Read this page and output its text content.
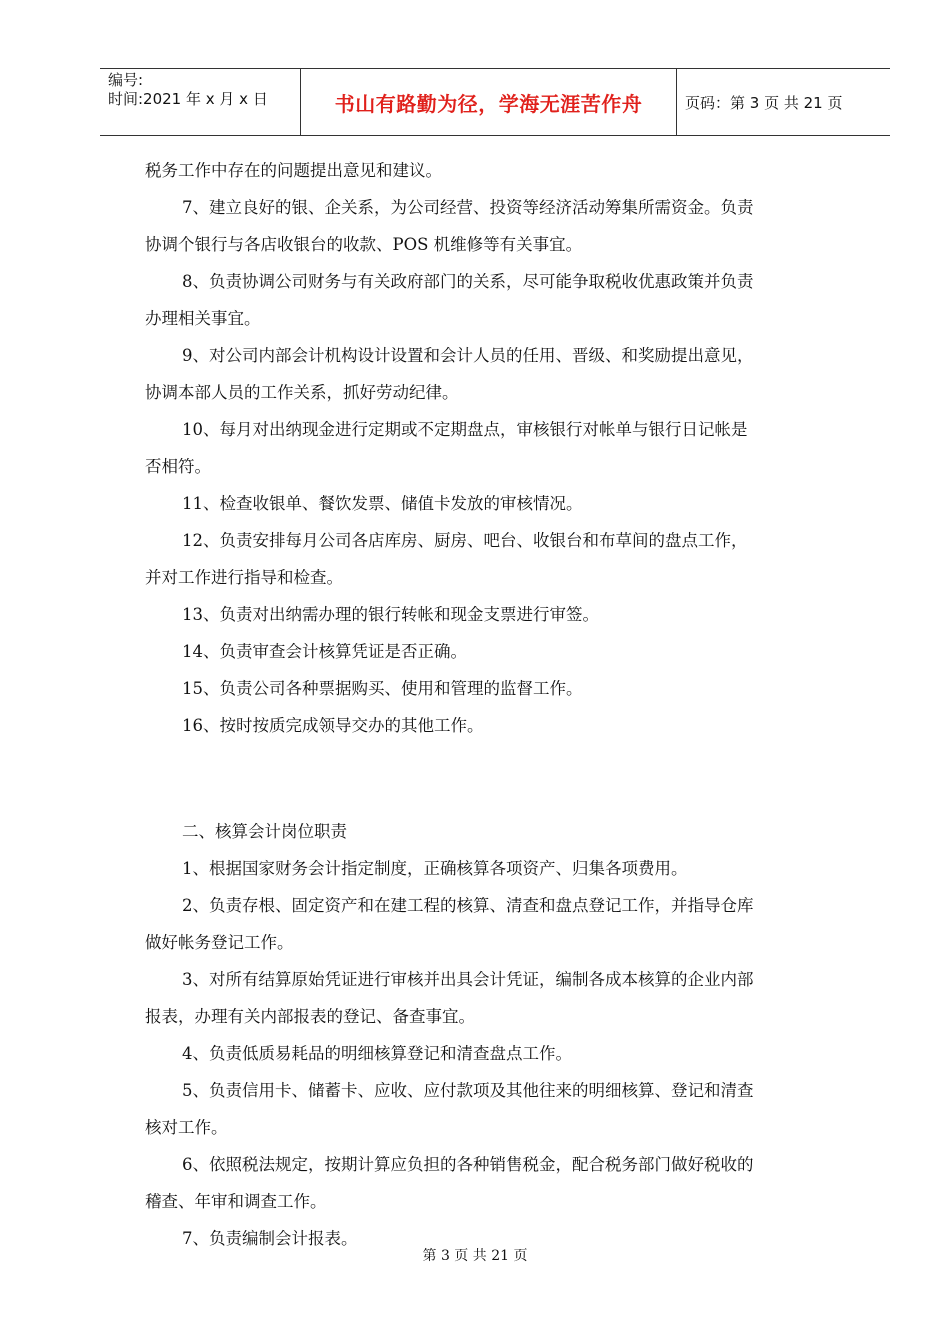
编号:
时间:2021 年 x 月 x 日	书山有路勤为径，学海无涯苦作舟	页码：第 3 页 共 21 页

税务工作中存在的问题提出意见和建议。

7、建立良好的银、企关系，为公司经营、投资等经济活动筹集所需资金。负责

协调个银行与各店收银台的收款、POS 机维修等有关事宜。

8、负责协调公司财务与有关政府部门的关系，尽可能争取税收优惠政策并负责

办理相关事宜。

9、对公司内部会计机构设计设置和会计人员的任用、晋级、和奖励提出意见，

协调本部人员的工作关系，抓好劳动纪律。

10、每月对出纳现金进行定期或不定期盘点，审核银行对帐单与银行日记帐是

否相符。

11、检查收银单、餐饮发票、储值卡发放的审核情况。

12、负责安排每月公司各店库房、厨房、吧台、收银台和布草间的盘点工作，

并对工作进行指导和检查。

13、负责对出纳需办理的银行转帐和现金支票进行审签。

14、负责审查会计核算凭证是否正确。

15、负责公司各种票据购买、使用和管理的监督工作。

16、按时按质完成领导交办的其他工作。

二、核算会计岗位职责

1、根据国家财务会计指定制度，正确核算各项资产、归集各项费用。

2、负责存根、固定资产和在建工程的核算、清查和盘点登记工作，并指导仓库

做好帐务登记工作。

3、对所有结算原始凭证进行审核并出具会计凭证，编制各成本核算的企业内部

报表，办理有关内部报表的登记、备查事宜。

4、负责低质易耗品的明细核算登记和清查盘点工作。

5、负责信用卡、储蓄卡、应收、应付款项及其他往来的明细核算、登记和清查

核对工作。

6、依照税法规定，按期计算应负担的各种销售税金，配合税务部门做好税收的

稽查、年审和调查工作。

7、负责编制会计报表。

第 3 页 共 21 页
